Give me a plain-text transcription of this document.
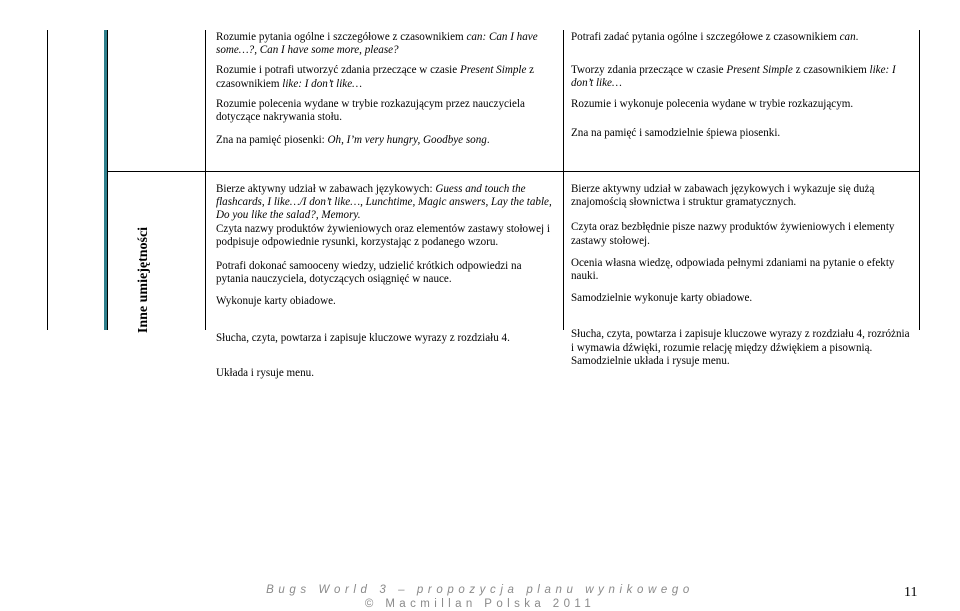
Inne umiejętności

Rozumie pytania ogólne i szczegółowe z czasownikiem can: Can I have some…?, Can I have some more, please?

Rozumie i potrafi utworzyć zdania przeczące w czasie Present Simple z czasownikiem like: I don’t like…

Rozumie polecenia wydane w trybie rozkazującym przez nauczyciela dotyczące nakrywania stołu.

Zna na pamięć piosenki: Oh, I’m very hungry, Goodbye song.

Potrafi zadać pytania ogólne i szczegółowe z czasownikiem can.

Tworzy zdania przeczące w czasie Present Simple z czasownikiem like: I don’t like…

Rozumie i wykonuje polecenia wydane w trybie rozkazującym.

Zna na pamięć i samodzielnie śpiewa piosenki.

Bierze aktywny udział w zabawach językowych: Guess and touch the flashcards, I like…/I don’t like…, Lunchtime, Magic answers, Lay the table, Do you like the salad?, Memory.

Czyta nazwy produktów żywieniowych oraz elementów zastawy stołowej i podpisuje odpowiednie rysunki, korzystając z podanego wzoru.

Potrafi dokonać samooceny wiedzy, udzielić krótkich odpowiedzi na pytania nauczyciela, dotyczących osiągnięć w nauce.

Wykonuje karty obiadowe.

Słucha, czyta, powtarza i zapisuje kluczowe wyrazy z rozdziału 4.

Układa i rysuje menu.

Bierze aktywny udział w zabawach językowych i wykazuje się dużą znajomością słownictwa i struktur gramatycznych.

Czyta oraz bezbłędnie pisze nazwy produktów żywieniowych i elementy zastawy stołowej.

Ocenia własna wiedzę, odpowiada pełnymi zdaniami na pytanie o efekty nauki.

Samodzielnie wykonuje karty obiadowe.

Słucha, czyta, powtarza i zapisuje kluczowe wyrazy z rozdziału 4, rozróżnia i wymawia dźwięki, rozumie relację między dźwiękiem a pisownią.

Samodzielnie układa i rysuje menu.

Bugs World 3 – propozycja planu wynikowego
© Macmillan Polska 2011
11
